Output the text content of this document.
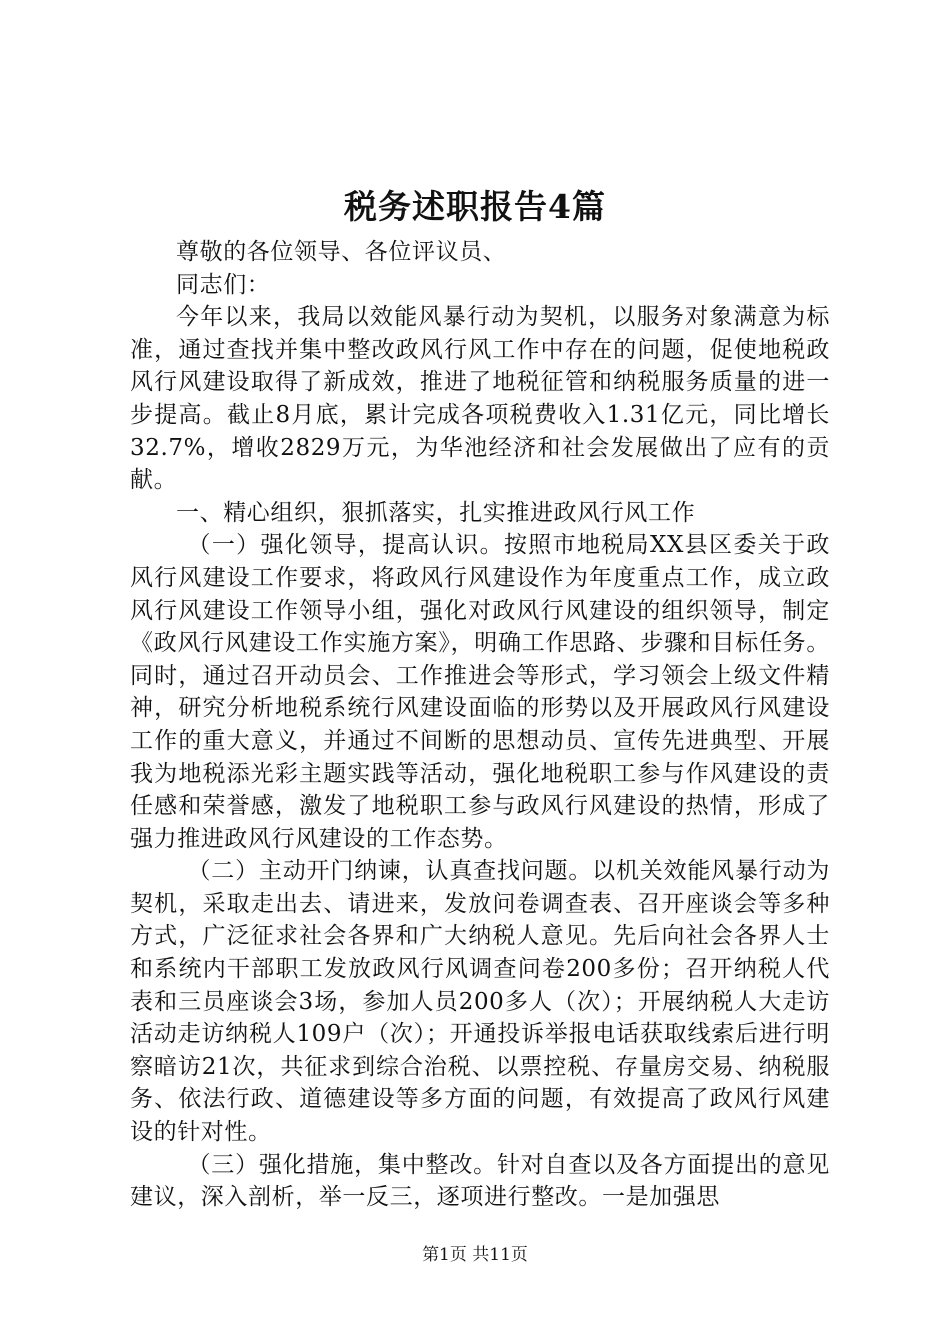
税务述职报告4篇

尊敬的各位领导、各位评议员、

同志们：

今年以来，我局以效能风暴行动为契机，以服务对象满意为标准，通过查找并集中整改政风行风工作中存在的问题，促使地税政风行风建设取得了新成效，推进了地税征管和纳税服务质量的进一步提高。截止8月底，累计完成各项税费收入1.31亿元，同比增长32.7%，增收2829万元，为华池经济和社会发展做出了应有的贡献。

一、精心组织，狠抓落实，扎实推进政风行风工作

（一）强化领导，提高认识。按照市地税局XX县区委关于政风行风建设工作要求，将政风行风建设作为年度重点工作，成立政风行风建设工作领导小组，强化对政风行风建设的组织领导，制定《政风行风建设工作实施方案》，明确工作思路、步骤和目标任务。同时，通过召开动员会、工作推进会等形式，学习领会上级文件精神，研究分析地税系统行风建设面临的形势以及开展政风行风建设工作的重大意义，并通过不间断的思想动员、宣传先进典型、开展我为地税添光彩主题实践等活动，强化地税职工参与作风建设的责任感和荣誉感，激发了地税职工参与政风行风建设的热情，形成了强力推进政风行风建设的工作态势。

（二）主动开门纳谏，认真查找问题。以机关效能风暴行动为契机，采取走出去、请进来，发放问卷调查表、召开座谈会等多种方式，广泛征求社会各界和广大纳税人意见。先后向社会各界人士和系统内干部职工发放政风行风调查问卷200多份；召开纳税人代表和三员座谈会3场，参加人员200多人（次）；开展纳税人大走访活动走访纳税人109户（次）；开通投诉举报电话获取线索后进行明察暗访21次，共征求到综合治税、以票控税、存量房交易、纳税服务、依法行政、道德建设等多方面的问题，有效提高了政风行风建设的针对性。

（三）强化措施，集中整改。针对自查以及各方面提出的意见建议，深入剖析，举一反三，逐项进行整改。一是加强思

第1页 共11页
